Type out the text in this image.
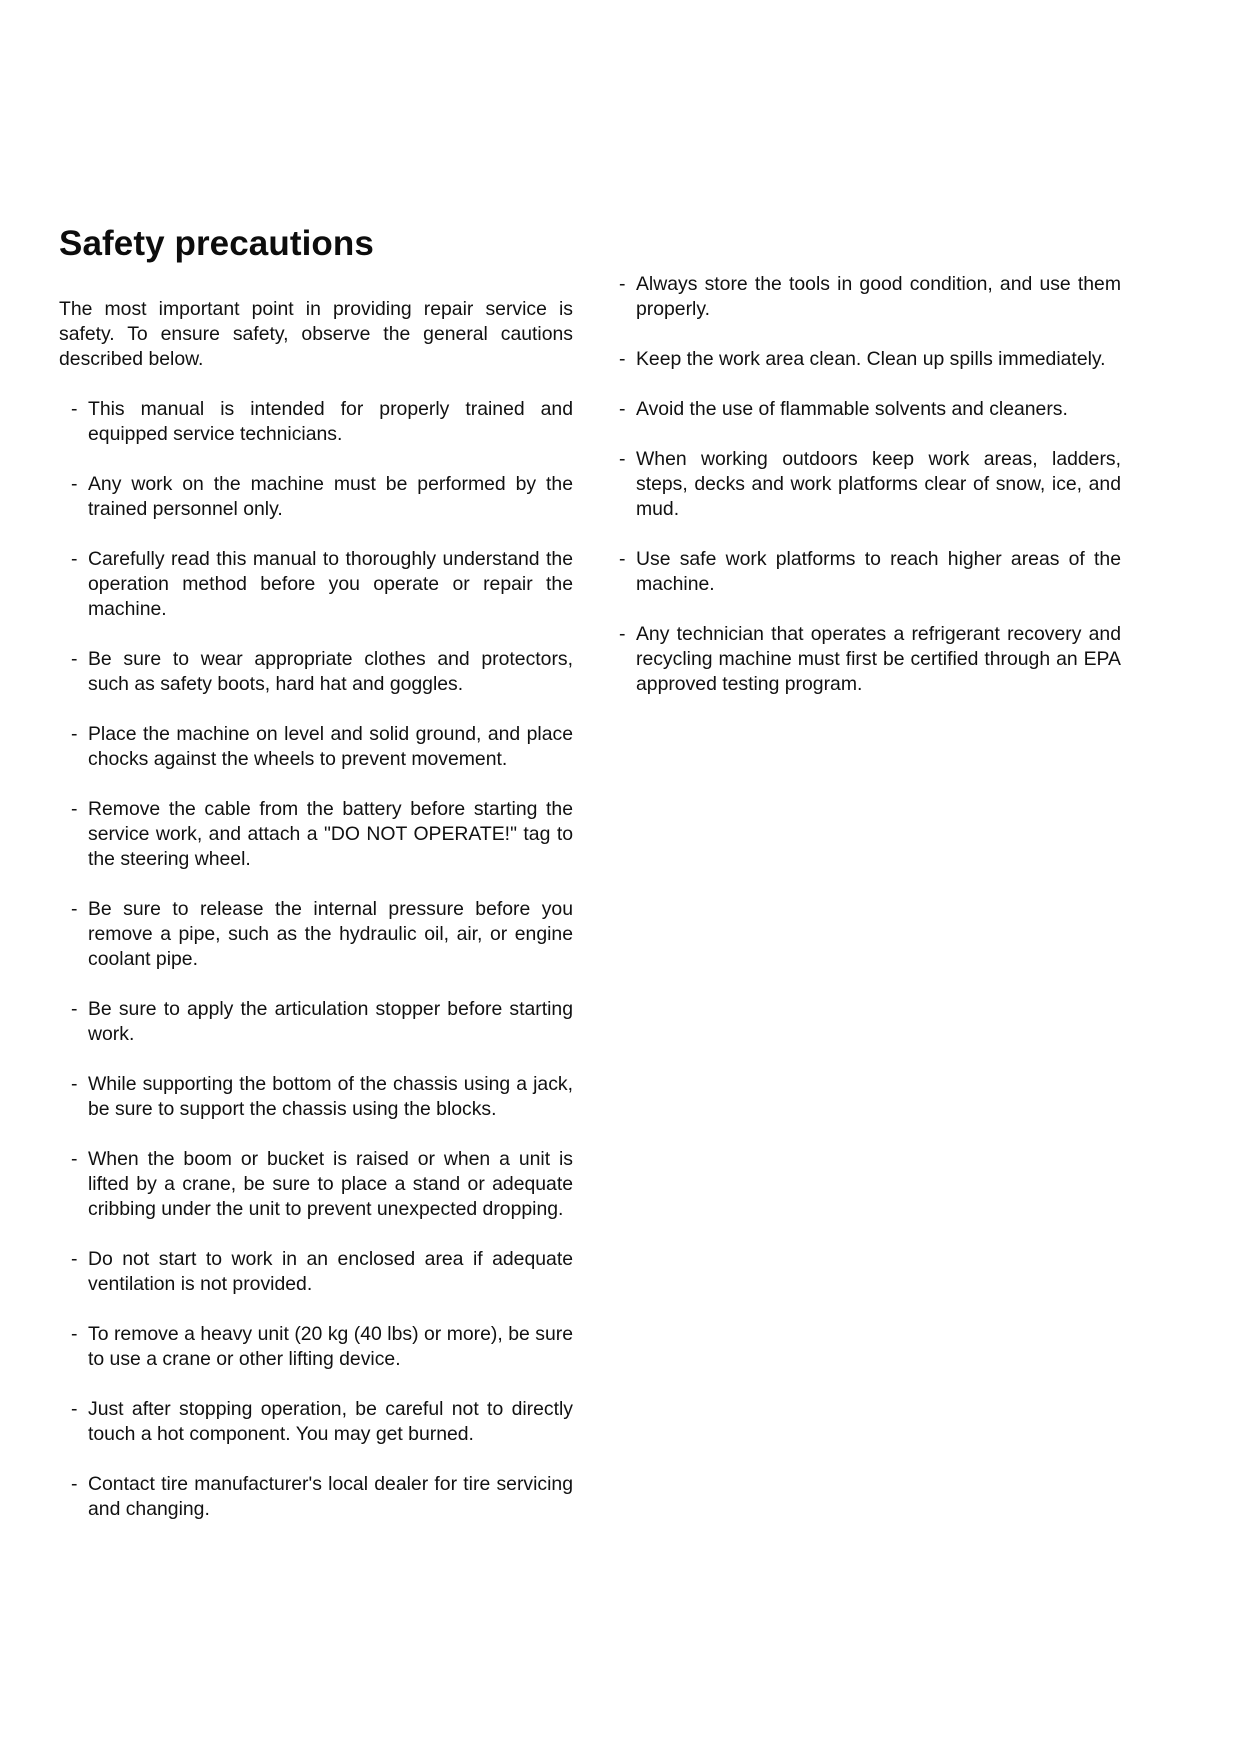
Safety precautions

The most important point in providing repair service is safety. To ensure safety, observe the general cautions described below.

- This manual is intended for properly trained and equipped service technicians.
- Any work on the machine must be performed by the trained personnel only.
- Carefully read this manual to thoroughly understand the operation method before you operate or repair the machine.
- Be sure to wear appropriate clothes and protectors, such as safety boots, hard hat and goggles.
- Place the machine on level and solid ground, and place chocks against the wheels to prevent movement.
- Remove the cable from the battery before starting the service work, and attach a "DO NOT OPERATE!" tag to the steering wheel.
- Be sure to release the internal pressure before you remove a pipe, such as the hydraulic oil, air, or engine coolant pipe.
- Be sure to apply the articulation stopper before starting work.
- While supporting the bottom of the chassis using a jack, be sure to support the chassis using the blocks.
- When the boom or bucket is raised or when a unit is lifted by a crane, be sure to place a stand or adequate cribbing under the unit to prevent unexpected dropping.
- Do not start to work in an enclosed area if adequate ventilation is not provided.
- To remove a heavy unit (20 kg (40 lbs) or more), be sure to use a crane or other lifting device.
- Just after stopping operation, be careful not to directly touch a hot component. You may get burned.
- Contact tire manufacturer's local dealer for tire servicing and changing.
- Always store the tools in good condition, and use them properly.
- Keep the work area clean. Clean up spills immediately.
- Avoid the use of flammable solvents and cleaners.
- When working outdoors keep work areas, ladders, steps, decks and work platforms clear of snow, ice, and mud.
- Use safe work platforms to reach higher areas of the machine.
- Any technician that operates a refrigerant recovery and recycling machine must first be certified through an EPA approved testing program.
